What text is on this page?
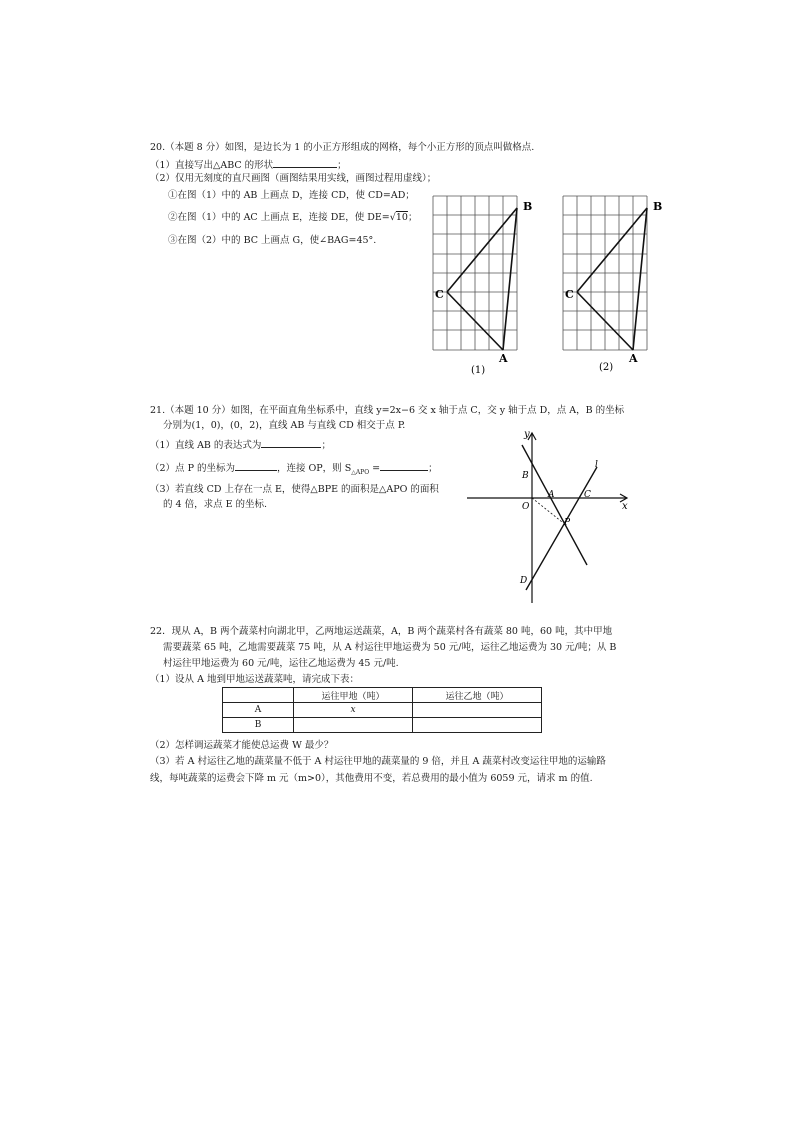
20.（本题 8 分）如图，是边长为 1 的小正方形组成的网格，每个小正方形的顶点叫做格点.
（1）直接写出△ABC 的形状	；
（2）仅用无刻度的直尺画图（画图结果用实线，画图过程用虚线）；
①在图（1）中的 AB 上画点 D，连接 CD，使 CD=AD；
②在图（1）中的 AC 上画点 E，连接 DE，使 DE=√10；
③在图（2）中的 BC 上画点 G，使∠BAG=45°.
B
C
A
(1)
B
C
A
(2)
21.（本题 10 分）如图，在平面直角坐标系中，直线 y=2x−6 交 x 轴于点 C，交 y 轴于点 D，点 A，B 的坐标
分别为(1，0)，(0，2)，直线 AB 与直线 CD 相交于点 P.
（1）直线 AB 的表达式为	；
（2）点 P 的坐标为	，连接 OP，则 $S_{\triangle APO}$ =	；
（3）若直线 CD 上存在一点 E，使得△BPE 的面积是△APO 的面积
的 4 倍，求点 E 的坐标.
y
x
O
B
A	C
P
D
l
22．现从 A，B 两个蔬菜村向湖北甲，乙两地运送蔬菜，A，B 两个蔬菜村各有蔬菜 80 吨，60 吨，其中甲地
需要蔬菜 65 吨，乙地需要蔬菜 75 吨，从 A 村运往甲地运费为 50 元/吨，运往乙地运费为 30 元/吨；从 B
村运往甲地运费为 60 元/吨，运往乙地运费为 45 元/吨.
（1）设从 A 地到甲地运送蔬菜吨，请完成下表：
	运往甲地（吨）	运往乙地（吨）
A	x	
B		
（2）怎样调运蔬菜才能使总运费 W 最少？
（3）若 A 村运往乙地的蔬菜量不低于 A 村运往甲地的蔬菜量的 9 倍，并且 A 蔬菜村改变运往甲地的运输路
线，每吨蔬菜的运费会下降 m 元（m>0），其他费用不变，若总费用的最小值为 6059 元，请求 m 的值.
